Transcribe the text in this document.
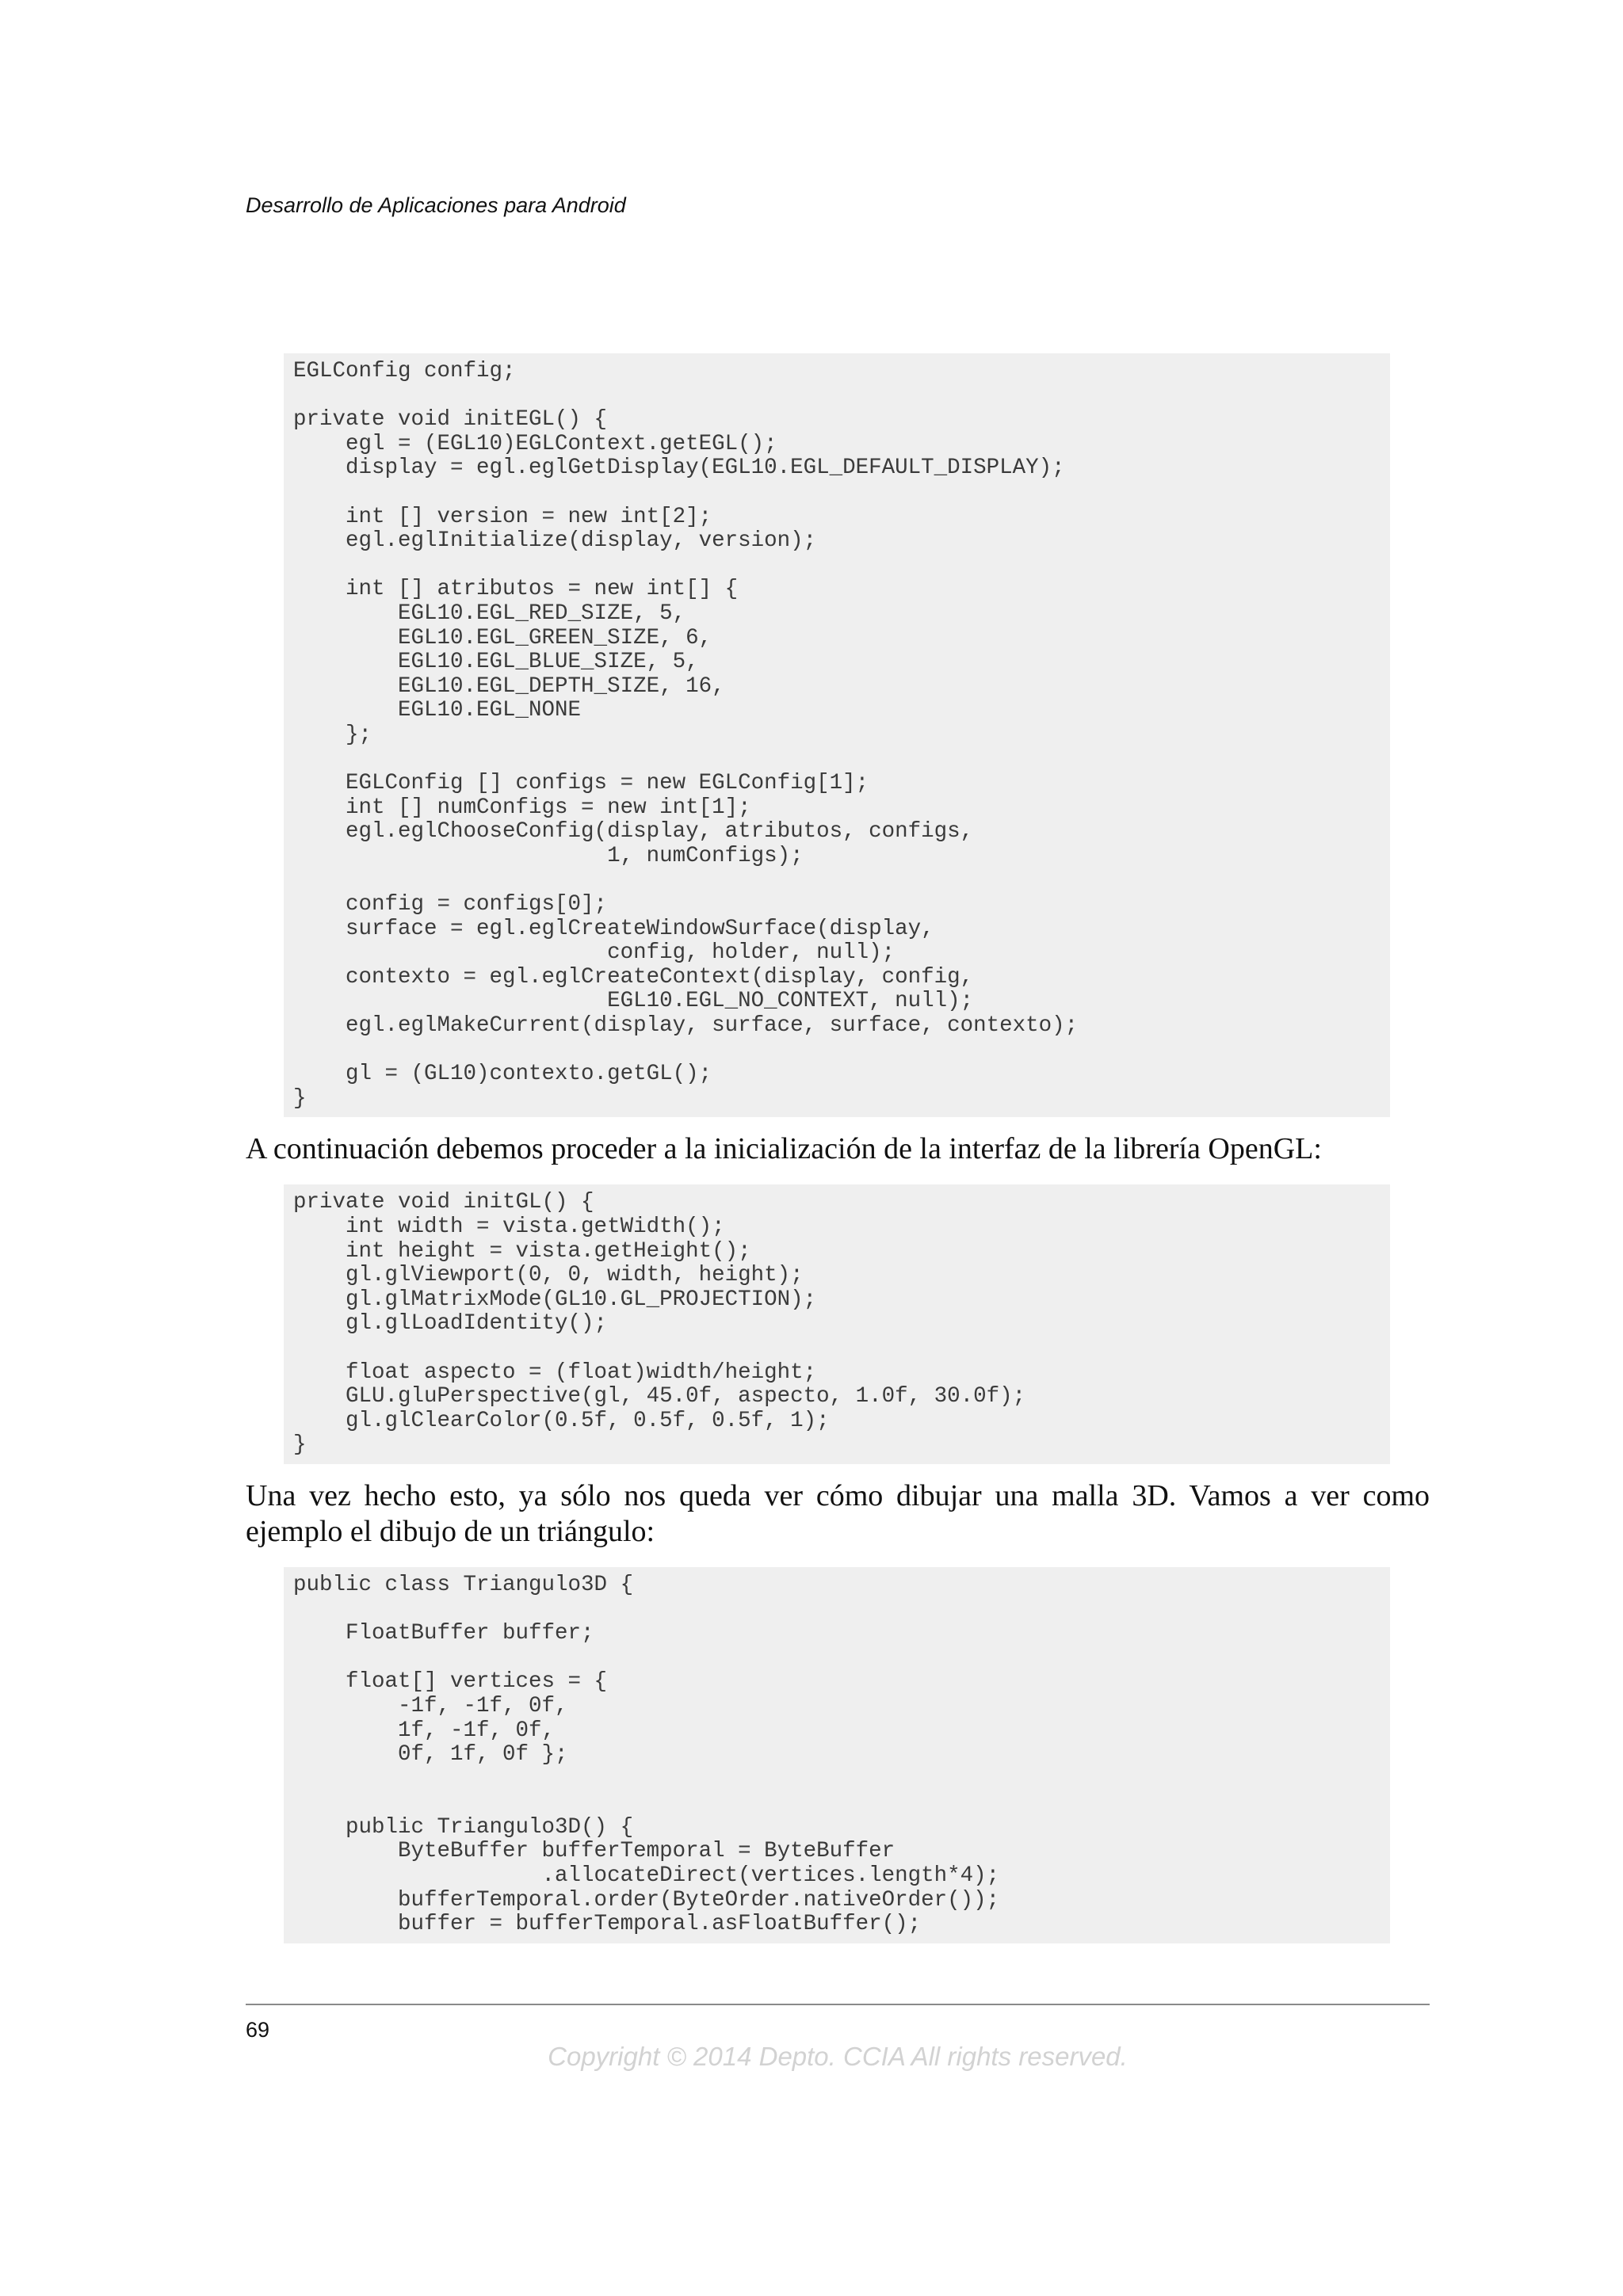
Desarrollo de Aplicaciones para Android
EGLConfig config;
private void initEGL() {
egl = (EGL10)EGLContext.getEGL();
display = egl.eglGetDisplay(EGL10.EGL_DEFAULT_DISPLAY);
int [] version = new int[2];
egl.eglInitialize(display, version);
int [] atributos = new int[] {
EGL10.EGL_RED_SIZE, 5,
EGL10.EGL_GREEN_SIZE, 6,
EGL10.EGL_BLUE_SIZE, 5,
EGL10.EGL_DEPTH_SIZE, 16,
EGL10.EGL_NONE
};
EGLConfig [] configs = new EGLConfig[1];
int [] numConfigs = new int[1];
egl.eglChooseConfig(display, atributos, configs,
1, numConfigs);
config = configs[0];
surface = egl.eglCreateWindowSurface(display,
config, holder, null);
contexto = egl.eglCreateContext(display, config,
EGL10.EGL_NO_CONTEXT, null);
egl.eglMakeCurrent(display, surface, surface, contexto);
gl = (GL10)contexto.getGL();
}

A continuación debemos proceder a la inicialización de la interfaz de la librería OpenGL:

private void initGL() {
int width = vista.getWidth();
int height = vista.getHeight();
gl.glViewport(0, 0, width, height);
gl.glMatrixMode(GL10.GL_PROJECTION);
gl.glLoadIdentity();
float aspecto = (float)width/height;
GLU.gluPerspective(gl, 45.0f, aspecto, 1.0f, 30.0f);
gl.glClearColor(0.5f, 0.5f, 0.5f, 1);
}

Una vez hecho esto, ya sólo nos queda ver cómo dibujar una malla 3D. Vamos a ver como ejemplo el dibujo de un triángulo:

public class Triangulo3D {
FloatBuffer buffer;
float[] vertices = {
-1f, -1f, 0f,
1f, -1f, 0f,
0f, 1f, 0f };
public Triangulo3D() {
ByteBuffer bufferTemporal = ByteBuffer
.allocateDirect(vertices.length*4);
bufferTemporal.order(ByteOrder.nativeOrder());
buffer = bufferTemporal.asFloatBuffer();
69
Copyright © 2014 Depto. CCIA All rights reserved.
